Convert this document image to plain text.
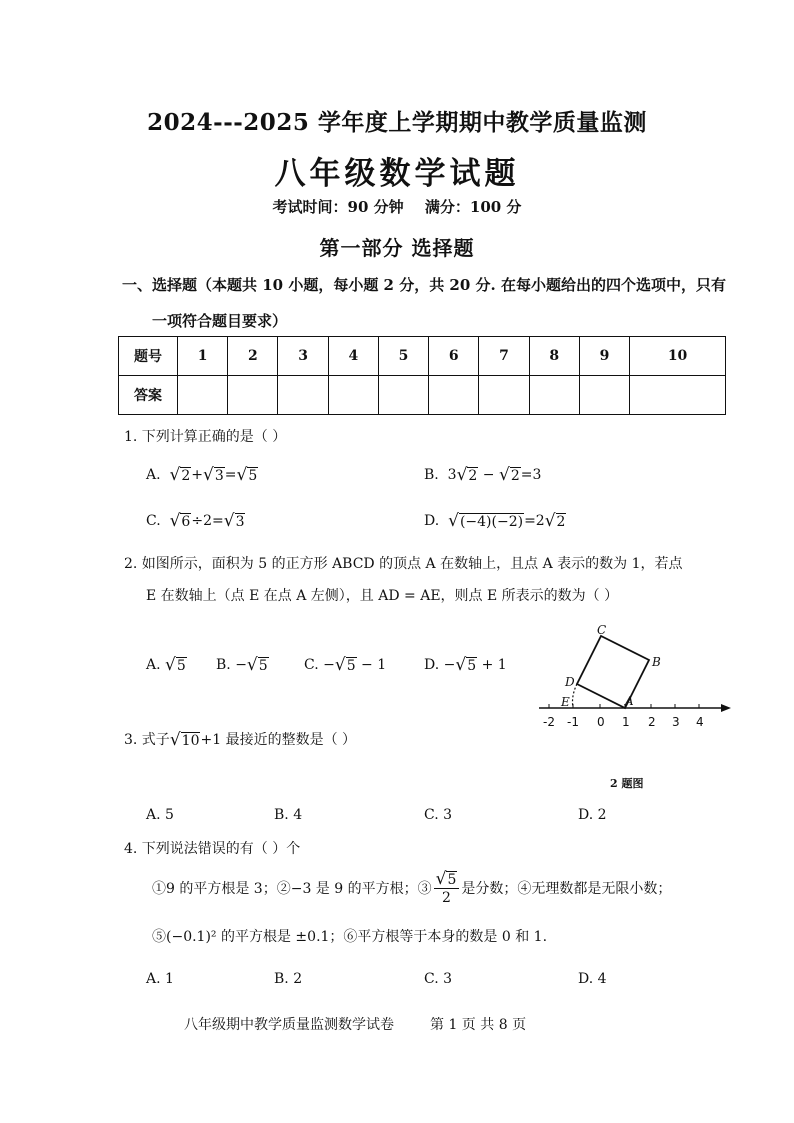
2024---2025 学年度上学期期中教学质量监测
八年级数学试题
考试时间：90 分钟 满分：100 分
第一部分 选择题
一、选择题（本题共 10 小题，每小题 2 分，共 20 分. 在每小题给出的四个选项中，只有
一项符合题目要求）
题号	1	2	3	4	5	6	7	8	9	10
答案										
1. 下列计算正确的是（ ）
A. √ 2 + √ 3 = √ 5	B. 3 √ 2 − √ 2 =3
C. √ 6 ÷2= √ 3	D. √ (−4)(−2) =2 √ 2
2. 如图所示，面积为 5 的正方形 ABCD 的顶点 A 在数轴上，且点 A 表示的数为 1，若点
E 在数轴上（点 E 在点 A 左侧），且 AD = AE，则点 E 所表示的数为（ ）
A. √ 5 B. − √ 5	C. − √ 5 − 1	D. − √ 5 + 1
-2 -1 0 1 2 3 4
A
B
C
D
E
3. 式子 √ 10 +1 最接近的整数是（ ）
2 题图
A. 5	B. 4	C. 3	D. 2
4. 下列说法错误的有（ ）个
①9 的平方根是 3；②−3 是 9 的平方根；③ $\frac{√ 5}{2}$ 是分数；④无理数都是无限小数；
⑤(−0.1)² 的平方根是 ±0.1；⑥平方根等于本身的数是 0 和 1.
A. 1	B. 2	C. 3	D. 4
八年级期中教学质量监测数学试卷	第 1 页 共 8 页
